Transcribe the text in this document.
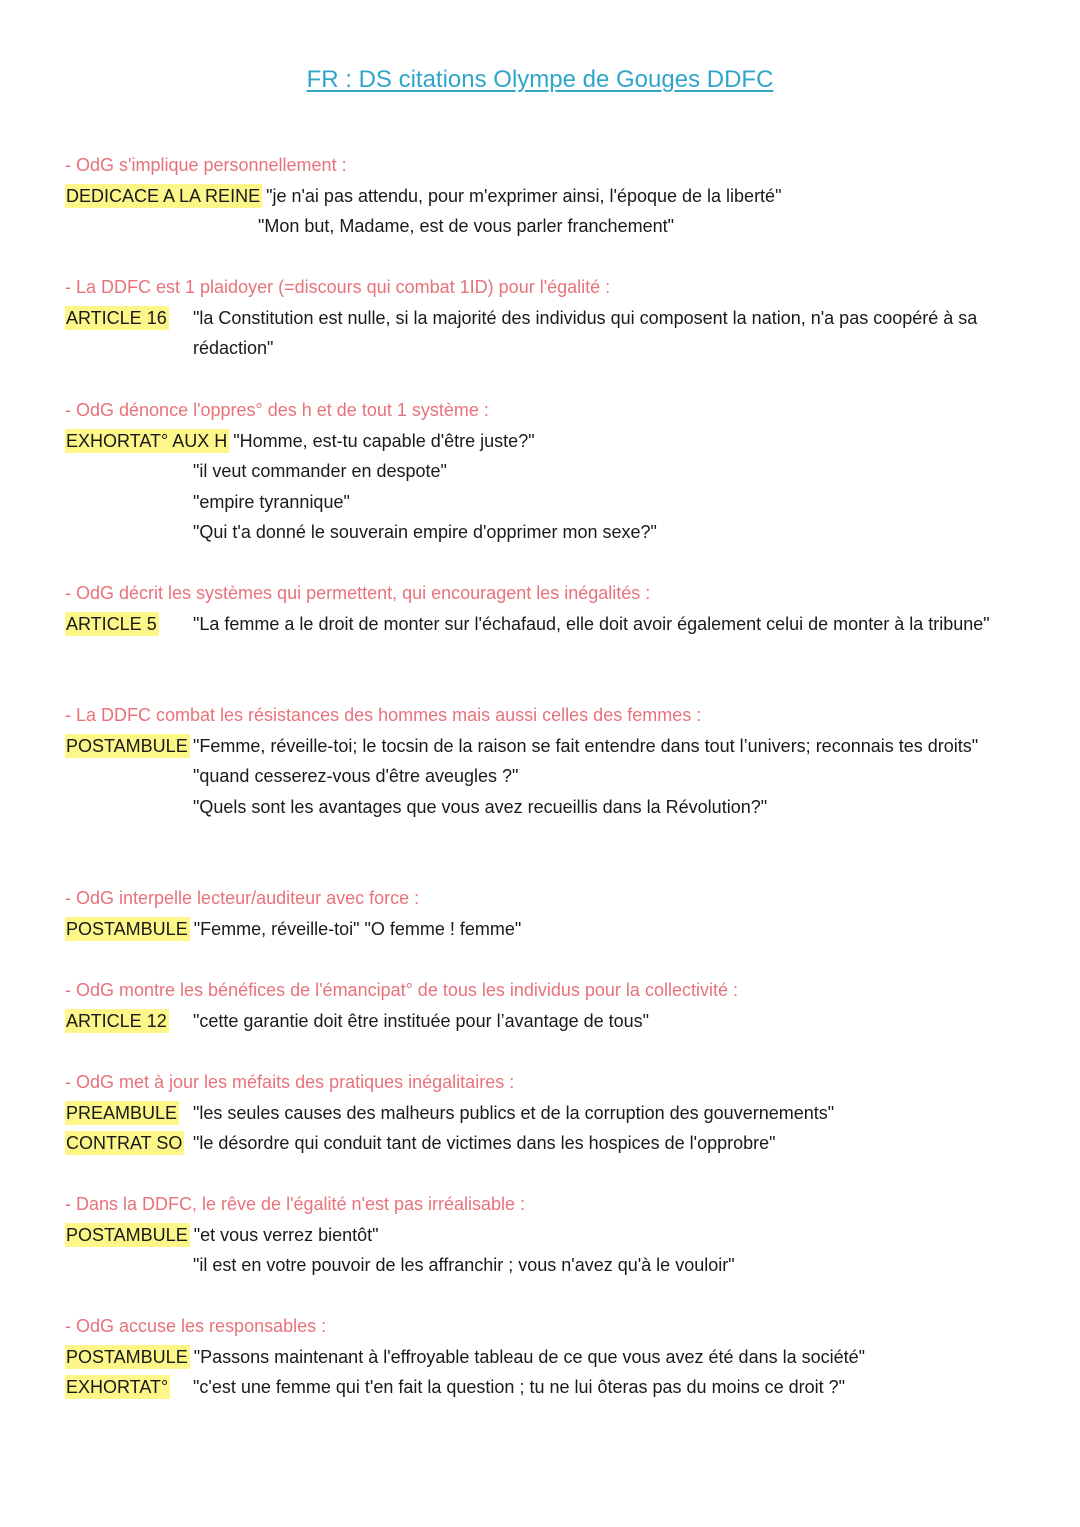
FR : DS citations Olympe de Gouges DDFC

- OdG s'implique personnellement :

DEDICACE A LA REINE "je n'ai pas attendu, pour m'exprimer ainsi, l'époque de la liberté"

"Mon but, Madame, est de vous parler franchement"

- La DDFC est 1 plaidoyer (=discours qui combat 1ID) pour l'égalité :

ARTICLE 16	"la Constitution est nulle, si la majorité des individus qui composent la nation, n'a pas coopéré à sa rédaction"

- OdG dénonce l'oppres° des h et de tout 1 système :

EXHORTAT° AUX H "Homme, est-tu capable d'être juste?"

"il veut commander en despote"

"empire tyrannique"

"Qui t'a donné le souverain empire d'opprimer mon sexe?"

- OdG décrit les systèmes qui permettent, qui encouragent les inégalités :

ARTICLE 5	"La femme a le droit de monter sur l'échafaud, elle doit avoir également celui de monter à la tribune"

- La DDFC combat les résistances des hommes mais aussi celles des femmes :

POSTAMBULE "Femme, réveille-toi; le tocsin de la raison se fait entendre dans tout l’univers; reconnais tes droits"

"quand cesserez-vous d'être aveugles ?"

"Quels sont les avantages que vous avez recueillis dans la Révolution?"

- OdG interpelle lecteur/auditeur avec force :

POSTAMBULE "Femme, réveille-toi" "O femme ! femme"

- OdG montre les bénéfices de l'émancipat° de tous les individus pour la collectivité :

ARTICLE 12	"cette garantie doit être instituée pour l’avantage de tous"

- OdG met à jour les méfaits des pratiques inégalitaires :

PREAMBULE "les seules causes des malheurs publics et de la corruption des gouvernements"

CONTRAT SO "le désordre qui conduit tant de victimes dans les hospices de l'opprobre"

- Dans la DDFC, le rêve de l'égalité n'est pas irréalisable :

POSTAMBULE "et vous verrez bientôt"

"il est en votre pouvoir de les affranchir ; vous n'avez qu'à le vouloir"

- OdG accuse les responsables :

POSTAMBULE "Passons maintenant à l'effroyable tableau de ce que vous avez été dans la société"

EXHORTAT°	"c'est une femme qui t'en fait la question ; tu ne lui ôteras pas du moins ce droit ?"
